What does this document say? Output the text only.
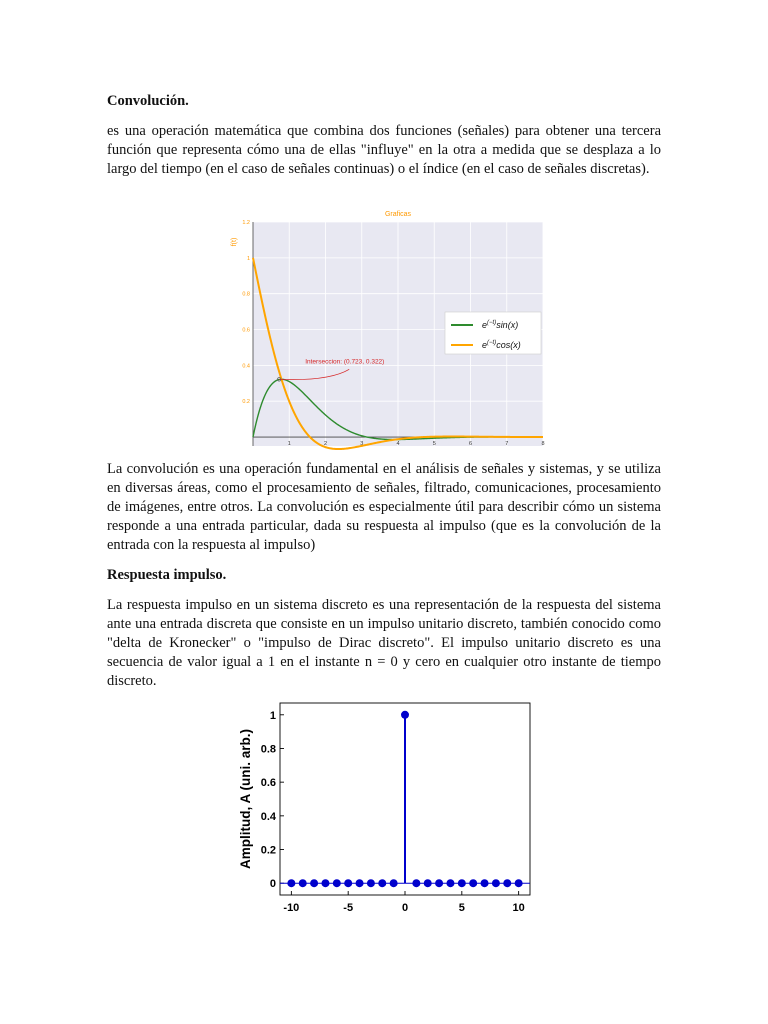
Convolución.

es una operación matemática que combina dos funciones (señales) para obtener una tercera función que representa cómo una de ellas "influye" en la otra a medida que se desplaza a lo largo del tiempo (en el caso de señales continuas) o el índice (en el caso de señales discretas).

Graficas
f(t)
0.2
0.4
0.6
0.8
1
1.2
1	2	3	4	5	6	7	8
Interseccion: (0.723, 0.322)
$e^{(-t)}\sin(x)$
$e^{(-t)}\cos(x)$

La convolución es una operación fundamental en el análisis de señales y sistemas, y se utiliza en diversas áreas, como el procesamiento de señales, filtrado, comunicaciones, procesamiento de imágenes, entre otros. La convolución es especialmente útil para describir cómo un sistema responde a una entrada particular, dada su respuesta al impulso (que es la convolución de la entrada con la respuesta al impulso)

Respuesta impulso.

La respuesta impulso en un sistema discreto es una representación de la respuesta del sistema ante una entrada discreta que consiste en un impulso unitario discreto, también conocido como "delta de Kronecker" o "impulso de Dirac discreto". El impulso unitario discreto es una secuencia de valor igual a 1 en el instante n = 0 y cero en cualquier otro instante de tiempo discreto.

Amplitud, A (uni. arb.)
0
0.2
0.4
0.6
0.8
1
-10	-5	0	5	10
